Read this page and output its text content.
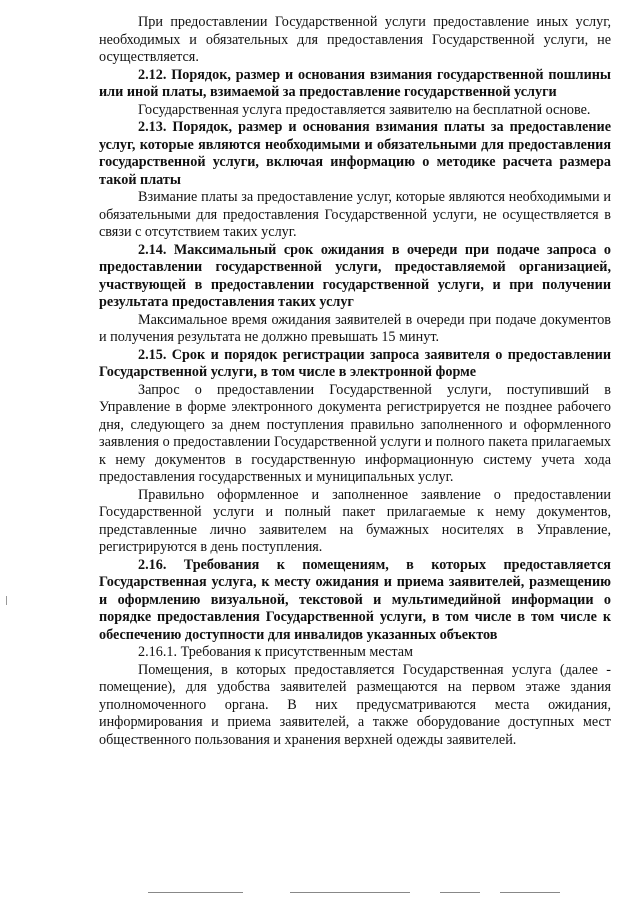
При предоставлении Государственной услуги предоставление иных услуг, необходимых и обязательных для предоставления Государственной услуги, не осуществляется.

2.12. Порядок, размер и основания взимания государственной пошлины или иной платы, взимаемой за предоставление государственной услуги

Государственная услуга предоставляется заявителю на бесплатной основе.

2.13. Порядок, размер и основания взимания платы за предоставление услуг, которые являются необходимыми и обязательными для предоставления государственной услуги, включая информацию о методике расчета размера такой платы

Взимание платы за предоставление услуг, которые являются необходимыми и обязательными для предоставления Государственной услуги, не осуществляется в связи с отсутствием таких услуг.

2.14. Максимальный срок ожидания в очереди при подаче запроса о предоставлении государственной услуги, предоставляемой организацией, участвующей в предоставлении государственной услуги, и при получении результата предоставления таких услуг

Максимальное время ожидания заявителей в очереди при подаче документов и получения результата не должно превышать 15 минут.

2.15. Срок и порядок регистрации запроса заявителя о предоставлении Государственной услуги, в том числе в электронной форме

Запрос о предоставлении Государственной услуги, поступивший в Управление в форме электронного документа регистрируется не позднее рабочего дня, следующего за днем поступления правильно заполненного и оформленного заявления о предоставлении Государственной услуги и полного пакета прилагаемых к нему документов в государственную информационную систему учета хода предоставления государственных и муниципальных услуг.

Правильно оформленное и заполненное заявление о предоставлении Государственной услуги и полный пакет прилагаемые к нему документов, представленные лично заявителем на бумажных носителях в Управление, регистрируются в день поступления.

2.16. Требования к помещениям, в которых предоставляется Государственная услуга, к месту ожидания и приема заявителей, размещению и оформлению визуальной, текстовой и мультимедийной информации о порядке предоставления Государственной услуги, в том числе в том числе к обеспечению доступности для инвалидов указанных объектов

2.16.1. Требования к присутственным местам

Помещения, в которых предоставляется Государственная услуга (далее - помещение), для удобства заявителей размещаются на первом этаже здания уполномоченного органа. В них предусматриваются места ожидания, информирования и приема заявителей, а также оборудование доступных мест общественного пользования и хранения верхней одежды заявителей.
